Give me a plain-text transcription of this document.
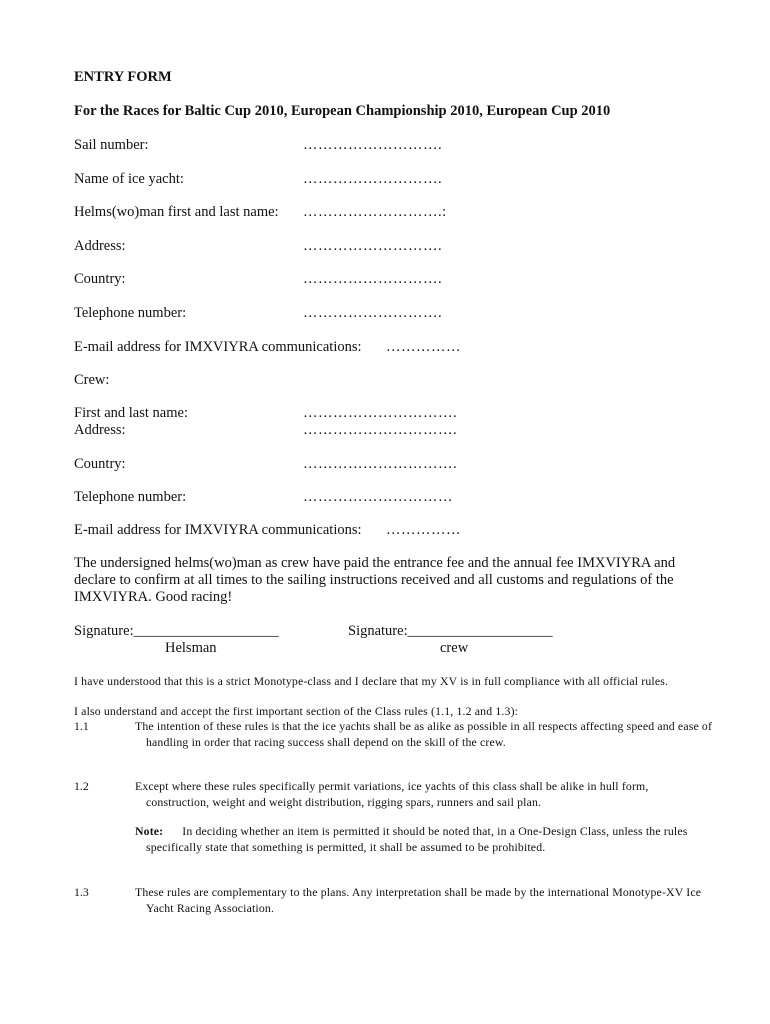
ENTRY FORM
For the Races for Baltic Cup 2010, European Championship 2010, European Cup 2010
Sail number:	……………………….
Name of ice yacht:	……………………….
Helms(wo)man first and last name: ……………………….:
Address:	……………………….
Country:	……………………….
Telephone number:	……………………….
E-mail address for IMXVIYRA communications: ……………
Crew:
First and last name:	………………………….
Address:	………………………….
Country:	………………………….
Telephone number:	…………………………
E-mail address for IMXVIYRA communications: ……………
The undersigned helms(wo)man as crew have paid the entrance fee and the annual fee IMXVIYRA and declare to confirm at all times to the sailing instructions received and all customs and regulations of the IMXVIYRA. Good racing!
Signature:____________________
Helsman
Signature:____________________
crew
I have understood that this is a strict Monotype-class and I declare that my XV is in full compliance with all official rules.
I also understand and accept the first important section of the Class rules (1.1, 1.2 and 1.3):
1.1	The intention of these rules is that the ice yachts shall be as alike as possible in all respects affecting speed and ease of handling in order that racing success shall depend on the skill of the crew.
1.2	Except where these rules specifically permit variations, ice yachts of this class shall be alike in hull form, construction, weight and weight distribution, rigging spars, runners and sail plan.
Note: In deciding whether an item is permitted it should be noted that, in a One-Design Class, unless the rules specifically state that something is permitted, it shall be assumed to be prohibited.
1.3	These rules are complementary to the plans. Any interpretation shall be made by the international Monotype-XV Ice Yacht Racing Association.
